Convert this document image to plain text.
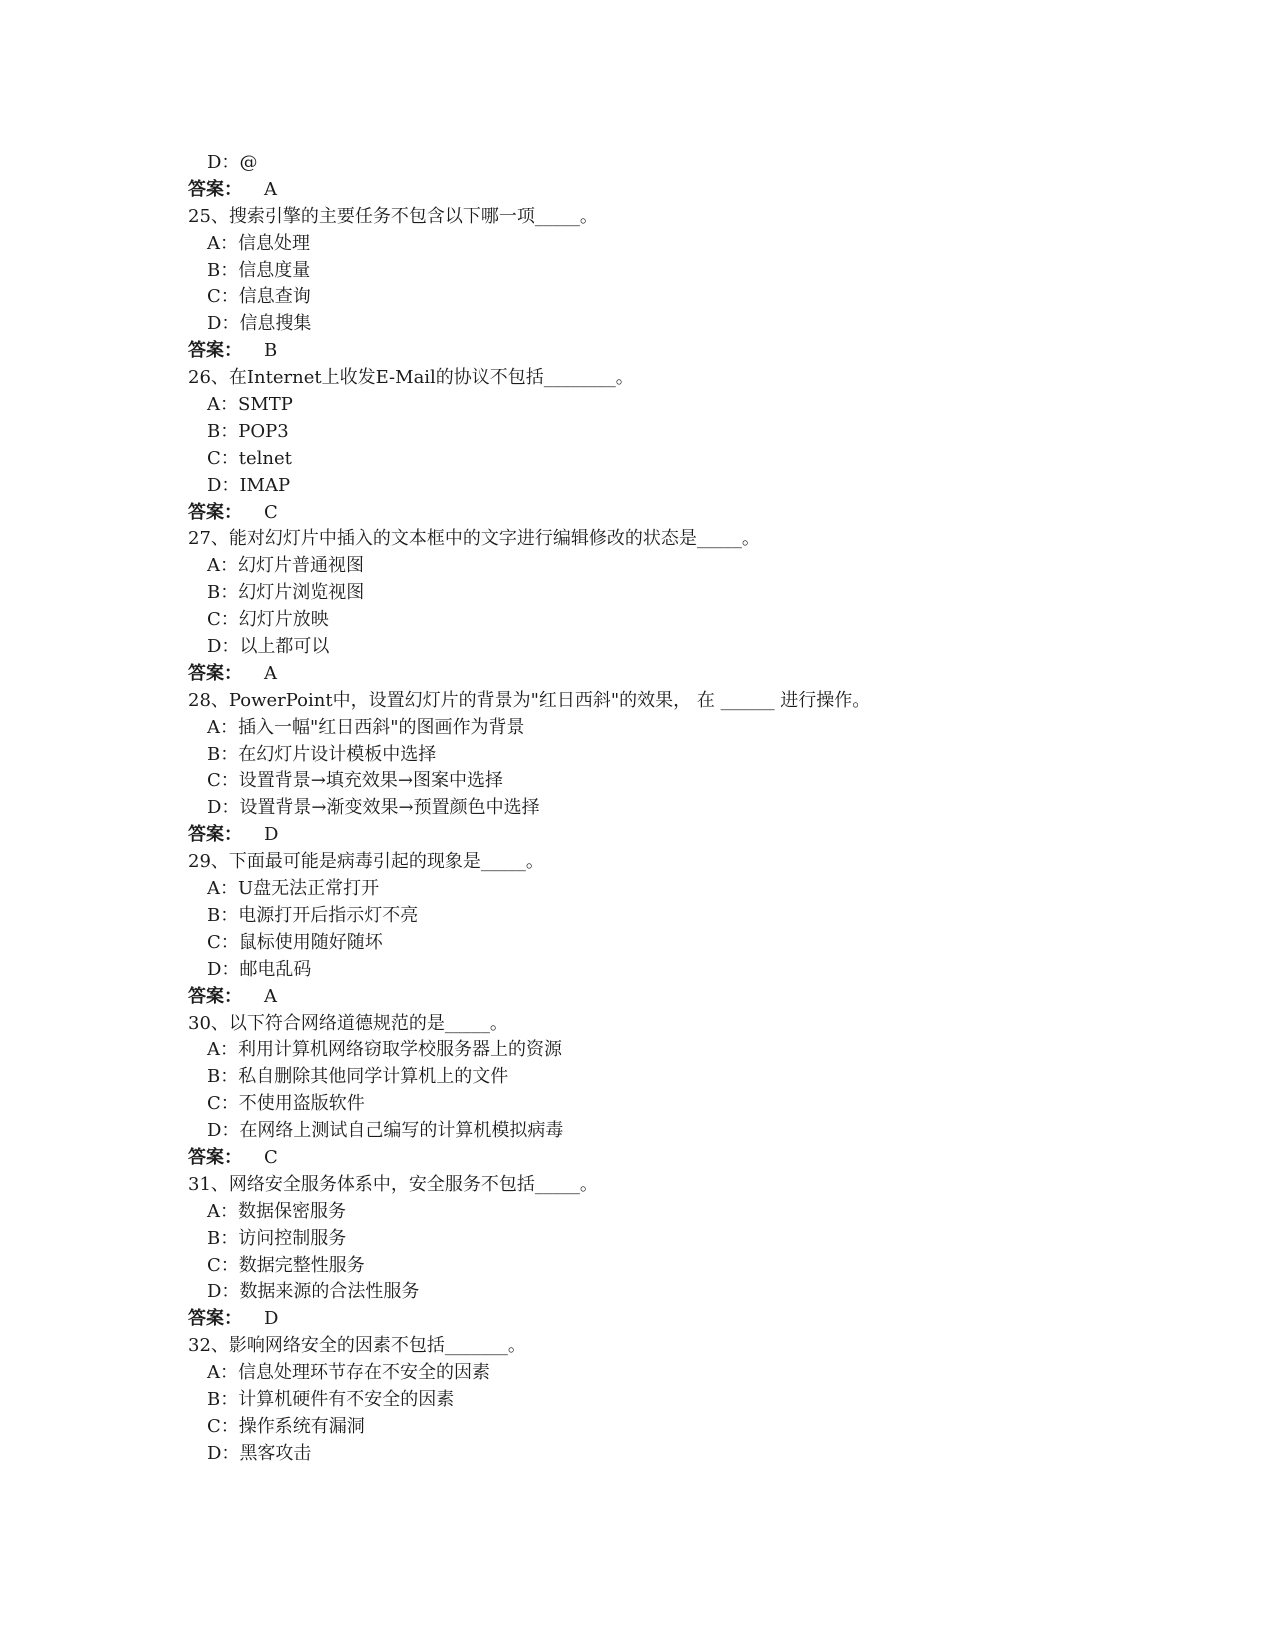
D：@
答案： A
25、搜索引擎的主要任务不包含以下哪一项_____。
A：信息处理
B：信息度量
C：信息查询
D：信息搜集
答案： B
26、在Internet上收发E-Mail的协议不包括________。
A：SMTP
B：POP3
C：telnet
D：IMAP
答案： C
27、能对幻灯片中插入的文本框中的文字进行编辑修改的状态是_____。
A：幻灯片普通视图
B：幻灯片浏览视图
C：幻灯片放映
D：以上都可以
答案： A
28、PowerPoint中，设置幻灯片的背景为"红日西斜"的效果， 在 ______ 进行操作。
A：插入一幅"红日西斜"的图画作为背景
B：在幻灯片设计模板中选择
C：设置背景→填充效果→图案中选择
D：设置背景→渐变效果→预置颜色中选择
答案： D
29、下面最可能是病毒引起的现象是_____。
A：U盘无法正常打开
B：电源打开后指示灯不亮
C：鼠标使用随好随坏
D：邮电乱码
答案： A
30、以下符合网络道德规范的是_____。
A：利用计算机网络窃取学校服务器上的资源
B：私自删除其他同学计算机上的文件
C：不使用盗版软件
D：在网络上测试自己编写的计算机模拟病毒
答案： C
31、网络安全服务体系中，安全服务不包括_____。
A：数据保密服务
B：访问控制服务
C：数据完整性服务
D：数据来源的合法性服务
答案： D
32、影响网络安全的因素不包括_______。
A：信息处理环节存在不安全的因素
B：计算机硬件有不安全的因素
C：操作系统有漏洞
D：黑客攻击
